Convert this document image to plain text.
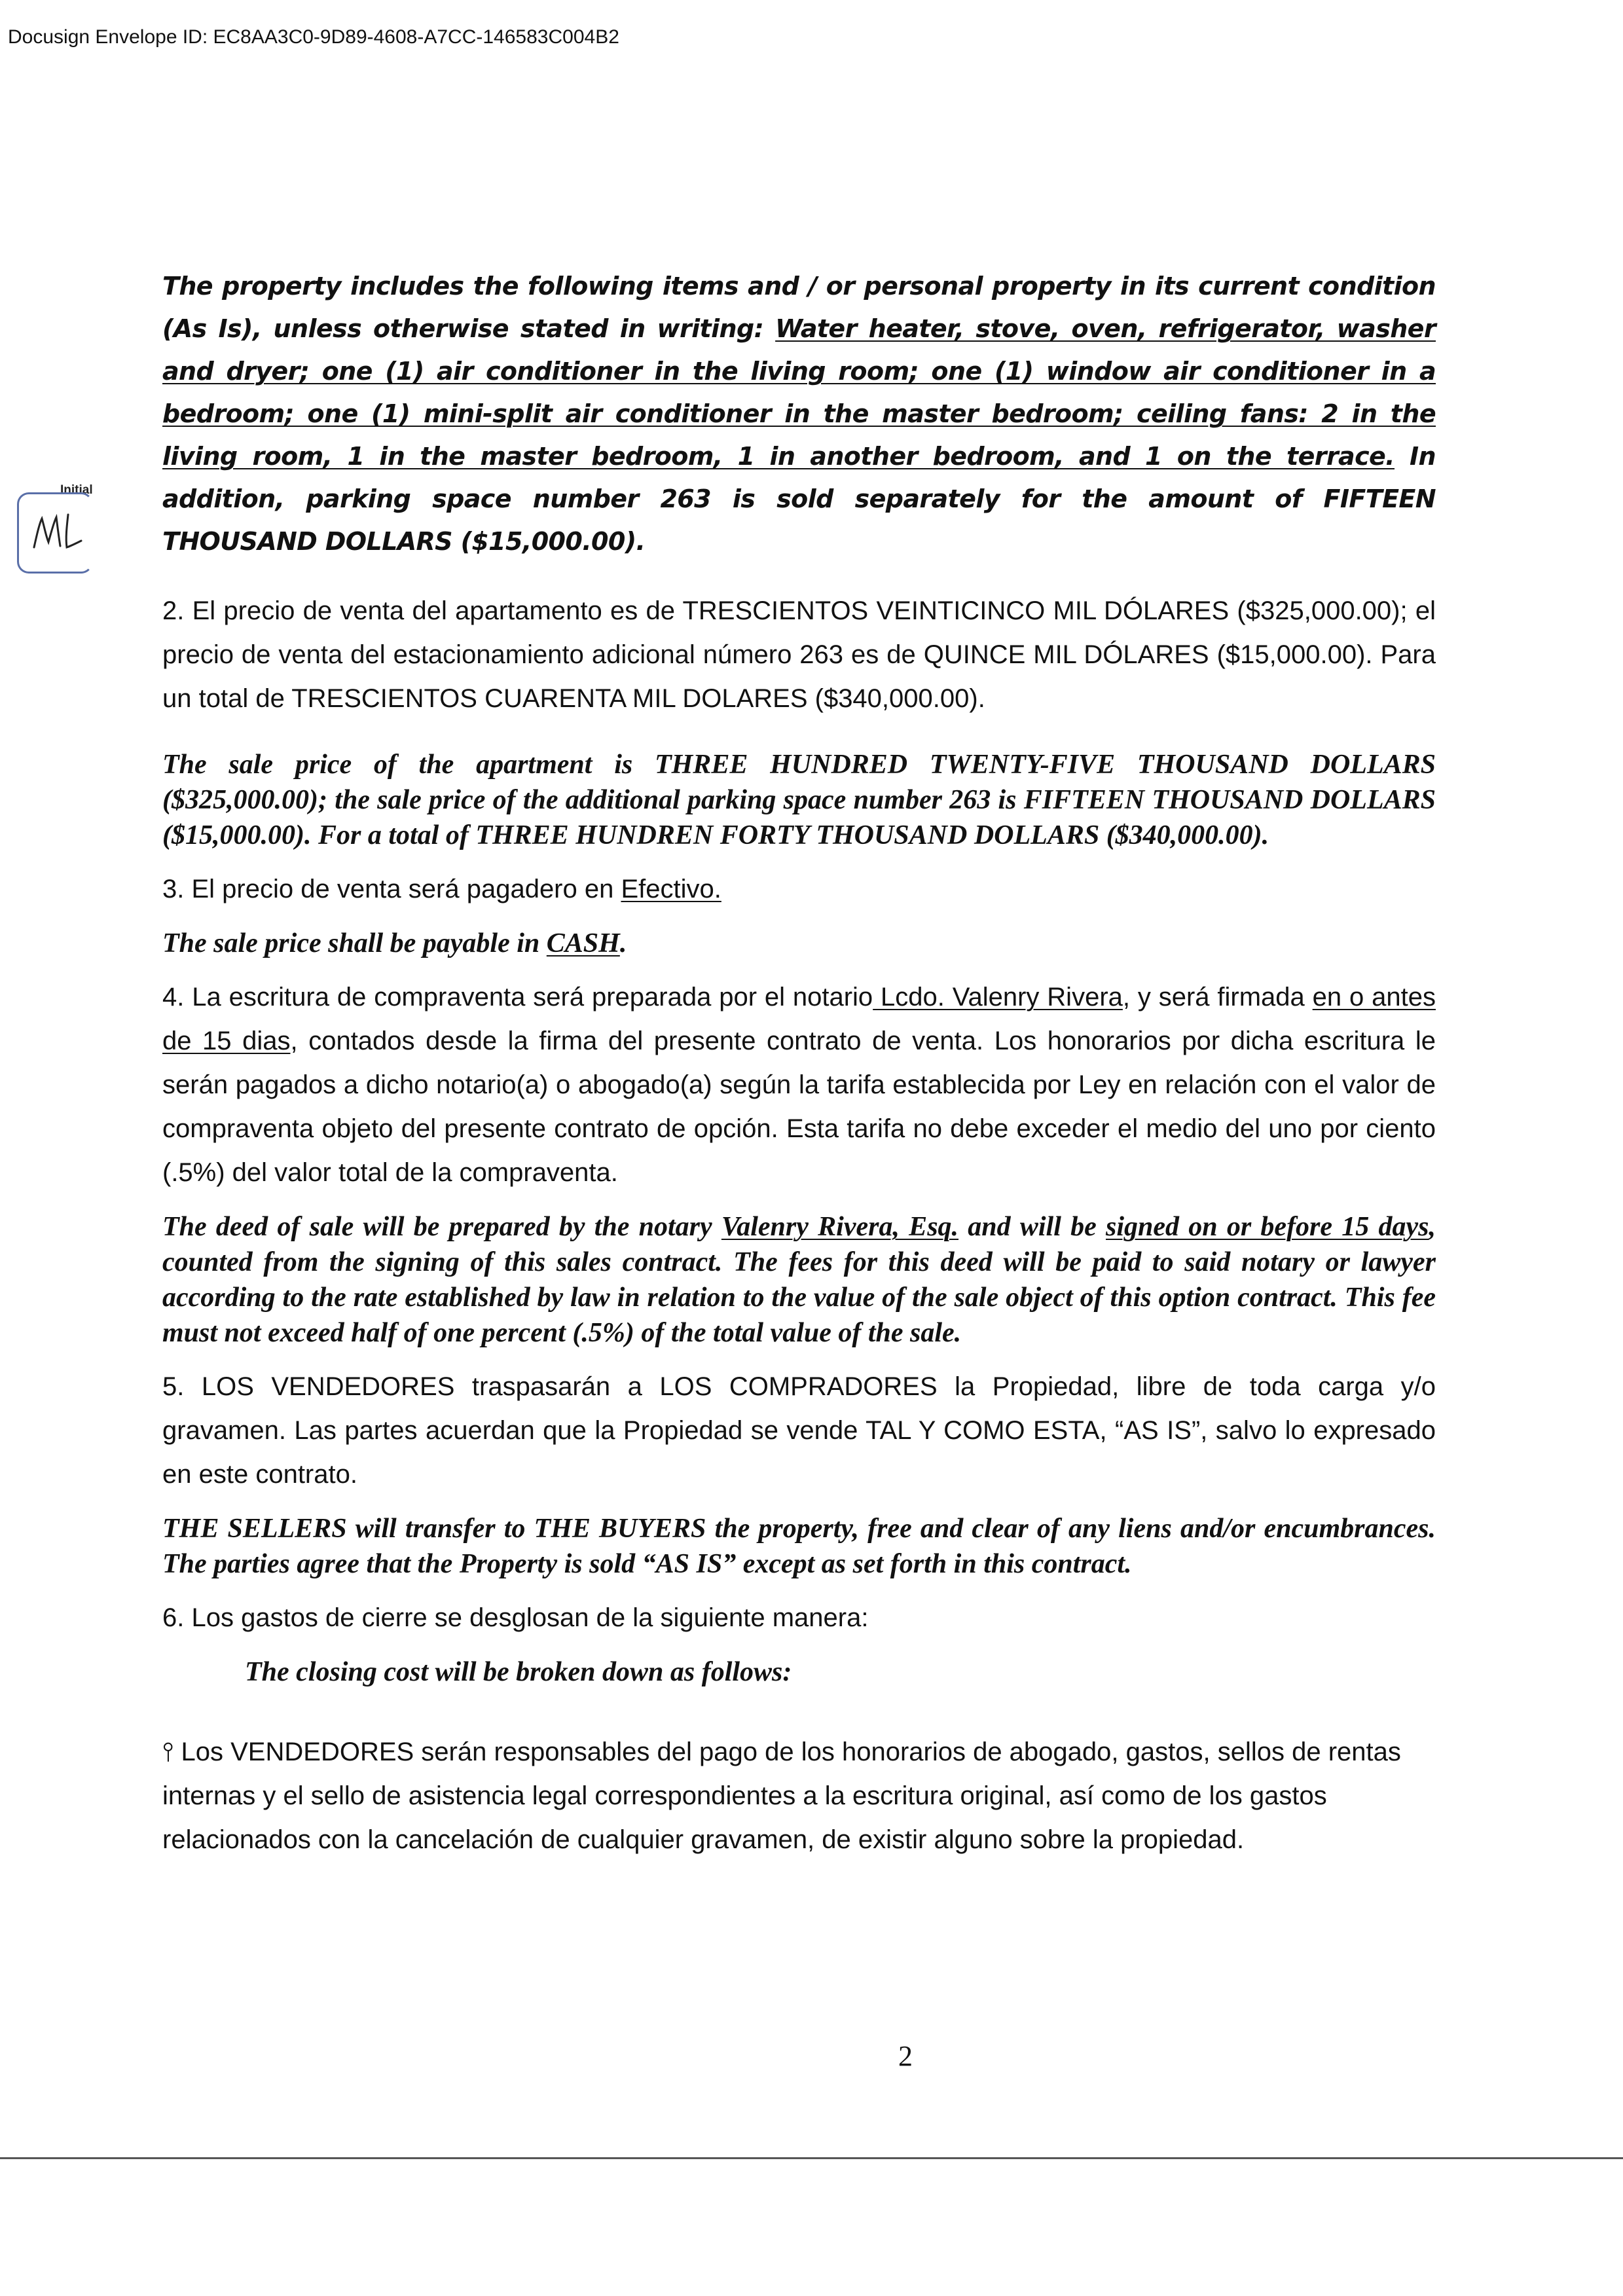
Docusign Envelope ID: EC8AA3C0-9D89-4608-A7CC-146583C004B2
Initial

The property includes the following items and / or personal property in its current condition (As Is), unless otherwise stated in writing: Water heater, stove, oven, refrigerator, washer and dryer; one (1) air conditioner in the living room; one (1) window air conditioner in a bedroom; one (1) mini-split air conditioner in the master bedroom; ceiling fans: 2 in the living room, 1 in the master bedroom, 1 in another bedroom, and 1 on the terrace. In addition, parking space number 263 is sold separately for the amount of FIFTEEN THOUSAND DOLLARS ($15,000.00).

2. El precio de venta del apartamento es de TRESCIENTOS VEINTICINCO MIL DÓLARES ($325,000.00); el precio de venta del estacionamiento adicional número 263 es de QUINCE MIL DÓLARES ($15,000.00). Para un total de TRESCIENTOS CUARENTA MIL DOLARES ($340,000.00).

The sale price of the apartment is THREE HUNDRED TWENTY-FIVE THOUSAND DOLLARS ($325,000.00); the sale price of the additional parking space number 263 is FIFTEEN THOUSAND DOLLARS ($15,000.00). For a total of THREE HUNDREN FORTY THOUSAND DOLLARS ($340,000.00).

3. El precio de venta será pagadero en Efectivo.

The sale price shall be payable in CASH.

4. La escritura de compraventa será preparada por el notario Lcdo. Valenry Rivera, y será firmada en o antes de 15 dias, contados desde la firma del presente contrato de venta. Los honorarios por dicha escritura le serán pagados a dicho notario(a) o abogado(a) según la tarifa establecida por Ley en relación con el valor de compraventa objeto del presente contrato de opción. Esta tarifa no debe exceder el medio del uno por ciento (.5%) del valor total de la compraventa.

The deed of sale will be prepared by the notary Valenry Rivera, Esq. and will be signed on or before 15 days, counted from the signing of this sales contract. The fees for this deed will be paid to said notary or lawyer according to the rate established by law in relation to the value of the sale object of this option contract. This fee must not exceed half of one percent (.5%) of the total value of the sale.

5. LOS VENDEDORES traspasarán a LOS COMPRADORES la Propiedad, libre de toda carga y/o gravamen. Las partes acuerdan que la Propiedad se vende TAL Y COMO ESTA, “AS IS”, salvo lo expresado en este contrato.

THE SELLERS will transfer to THE BUYERS the property, free and clear of any liens and/or encumbrances. The parties agree that the Property is sold “AS IS” except as set forth in this contract.

6. Los gastos de cierre se desglosan de la siguiente manera:

The closing cost will be broken down as follows:

⫯ Los VENDEDORES serán responsables del pago de los honorarios de abogado, gastos, sellos de rentas internas y el sello de asistencia legal correspondientes a la escritura original, así como de los gastos relacionados con la cancelación de cualquier gravamen, de existir alguno sobre la propiedad.

2
